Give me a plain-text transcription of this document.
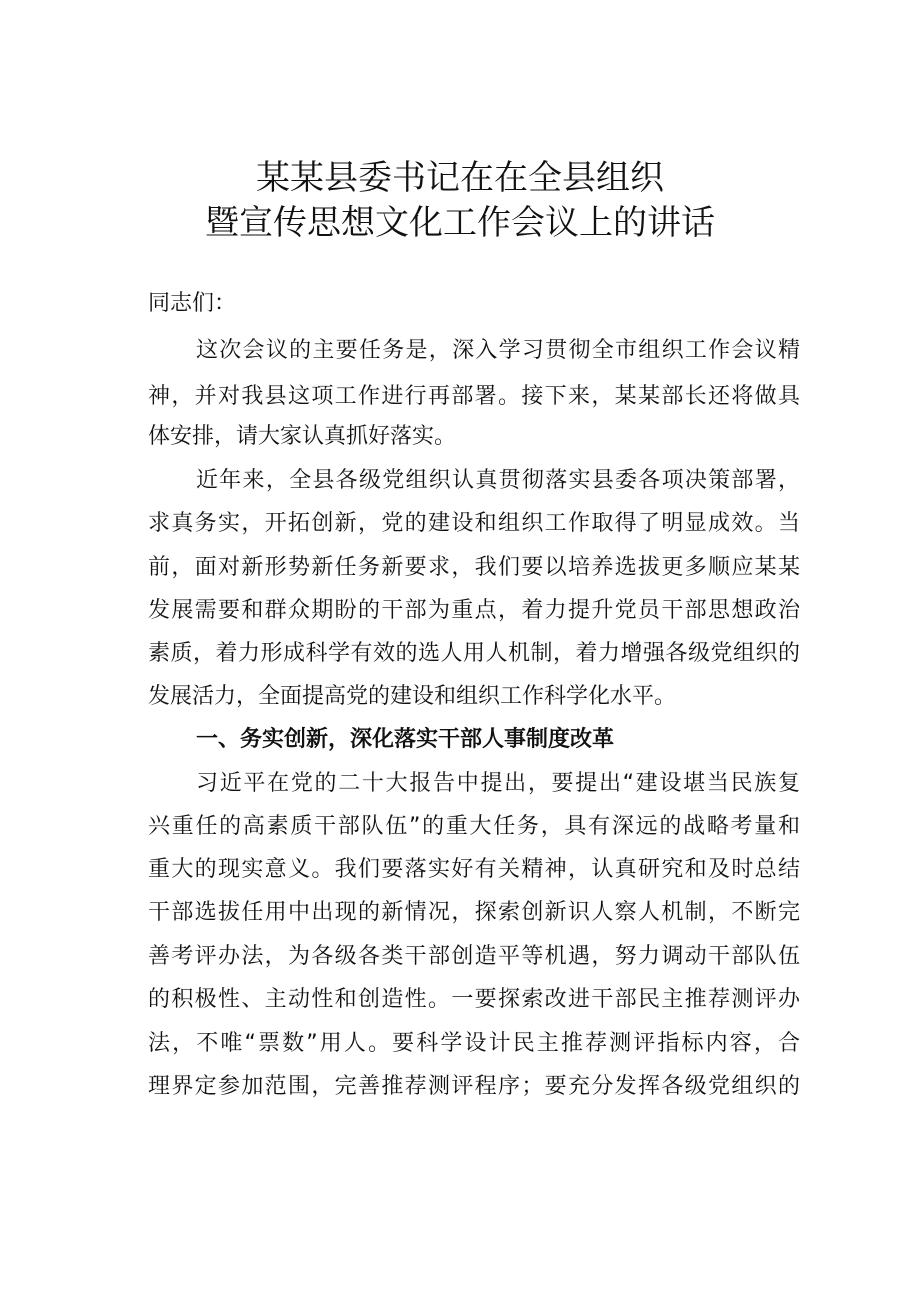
某某县委书记在在全县组织
暨宣传思想文化工作会议上的讲话
同志们：
这次会议的主要任务是，深入学习贯彻全市组织工作会议精
神，并对我县这项工作进行再部署。接下来，某某部长还将做具
体安排，请大家认真抓好落实。
近年来，全县各级党组织认真贯彻落实县委各项决策部署，
求真务实，开拓创新，党的建设和组织工作取得了明显成效。当
前，面对新形势新任务新要求，我们要以培养选拔更多顺应某某
发展需要和群众期盼的干部为重点，着力提升党员干部思想政治
素质，着力形成科学有效的选人用人机制，着力增强各级党组织的
发展活力，全面提高党的建设和组织工作科学化水平。
一、务实创新，深化落实干部人事制度改革
习近平在党的二十大报告中提出，要提出“建设堪当民族复
兴重任的高素质干部队伍”的重大任务，具有深远的战略考量和
重大的现实意义。我们要落实好有关精神，认真研究和及时总结
干部选拔任用中出现的新情况，探索创新识人察人机制，不断完
善考评办法，为各级各类干部创造平等机遇，努力调动干部队伍
的积极性、主动性和创造性。一要探索改进干部民主推荐测评办
法，不唯“票数”用人。要科学设计民主推荐测评指标内容，合
理界定参加范围，完善推荐测评程序；要充分发挥各级党组织的
